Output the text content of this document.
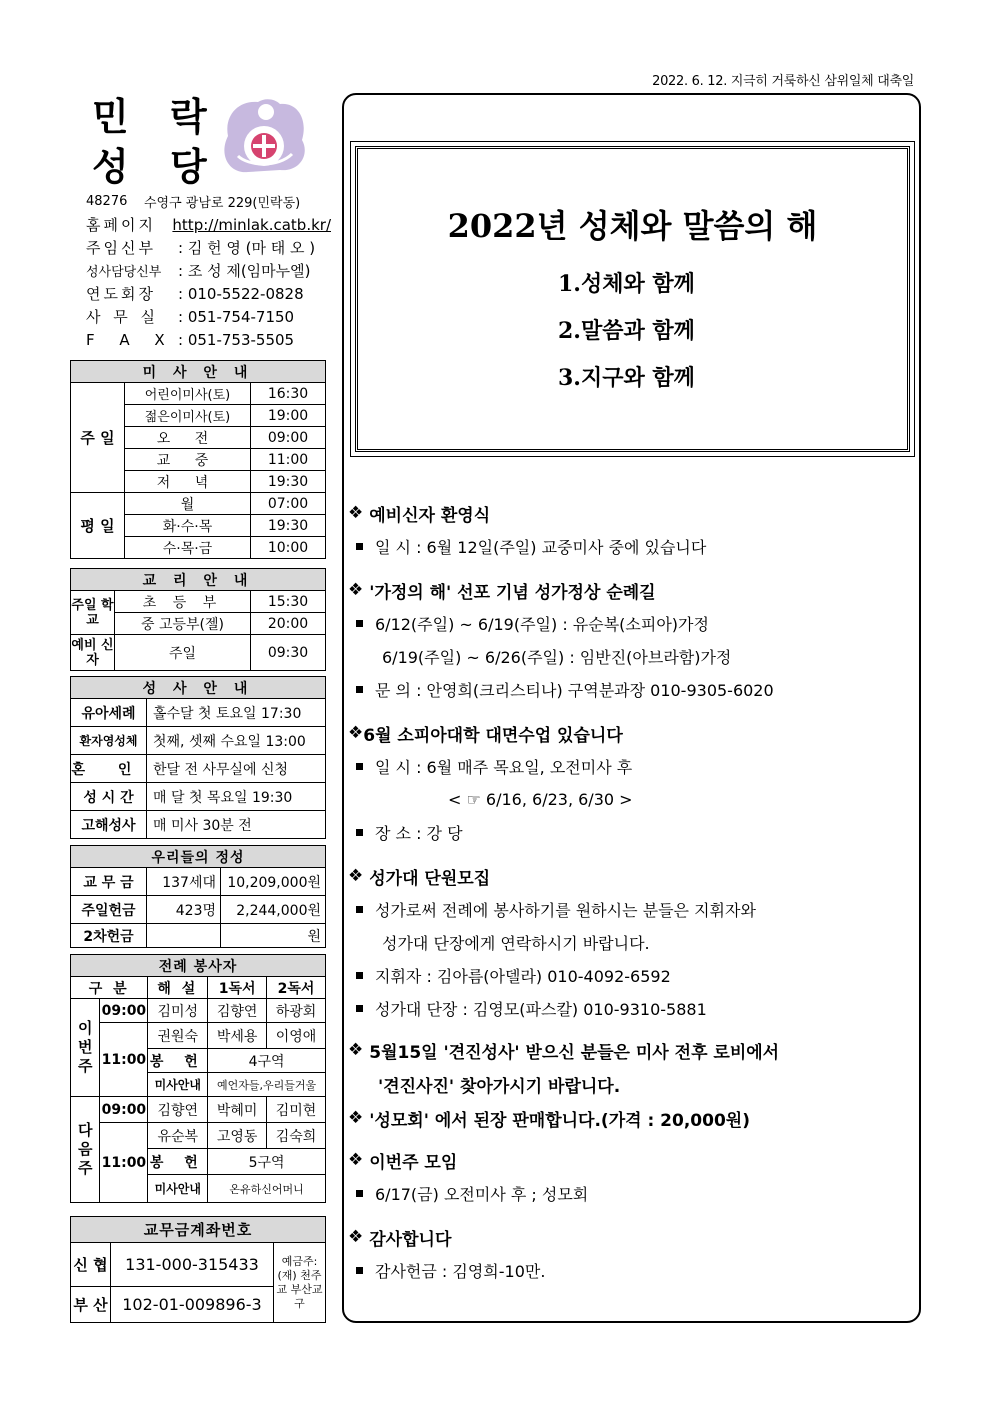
2022. 6. 12. 지극히 거룩하신 삼위일체 대축일
민 락
성 당
48276	수영구 광남로 229(민락동)
홈페이지	http://minlak.catb.kr/
주임신부	: 김 헌 영 (마 태 오 )
성사담당신부	: 조 성 제(임마누엘)
연도회장	: 010-5522-0828
사 무 실	: 051-754-7150
F A X : 051-753-5505
미 사 안 내		
주 일	어린이미사(토)	16:30
	젊은이미사(토)	19:00
	오 전	09:00
	교 중	11:00
	저 녁	19:30
평 일	월	07:00
	화·수·목	19:30
	수·목·금	10:00
교 리 안 내		
주일 학교	초 등 부	15:30
	중 고등부(젤)	20:00
예비 신자	주일	09:30
성 사 안 내	
유아세례	홀수달 첫 토요일 17:30
환자영성체	첫째, 셋째 수요일 13:00
혼 인	한달 전 사무실에 신청
성 시 간	매 달 첫 목요일 19:30
고해성사	매 미사 30분 전
우리들의 정성		
교 무 금	137세대	10,209,000원
주일헌금	423명	2,244,000원
2차헌금		원
전례 봉사자				
구 분		해 설	1독서	2독서
이번주	09:00	김미성	김향연	하광회
	11:00	권원숙	박세용	이영애
		봉 헌	4구역	
		미사안내	예언자들,우리들거울	
다음주	09:00	김향연	박혜미	김미현
	11:00	유순복	고영동	김숙희
		봉 헌	5구역	
		미사안내	온유하신어머니	
교무금계좌번호		
신 협	131-000-315433	예금주: (재) 천주교 부산교구
부 산	102-01-009896-3	
2022년 성체와 말씀의 해
1.성체와 함께
2.말씀과 함께
3.지구와 함께
❖ 예비신자 환영식
일 시 : 6월 12일(주일) 교중미사 중에 있습니다
❖ '가정의 해' 선포 기념 성가정상 순례길
6/12(주일) ~ 6/19(주일) : 유순복(소피아)가정
6/19(주일) ~ 6/26(주일) : 임반진(아브라함)가정
문 의 : 안영희(크리스티나) 구역분과장 010-9305-6020
❖ 6월 소피아대학 대면수업 있습니다
일 시 : 6월 매주 목요일, 오전미사 후
< ☞ 6/16, 6/23, 6/30 >
장 소 : 강 당
❖ 성가대 단원모집
성가로써 전례에 봉사하기를 원하시는 분들은 지휘자와
성가대 단장에게 연락하시기 바랍니다.
지휘자 : 김아름(아델라) 010-4092-6592
성가대 단장 : 김영모(파스칼) 010-9310-5881
❖ 5월15일 '견진성사' 받으신 분들은 미사 전후 로비에서
'견진사진' 찾아가시기 바랍니다.
❖ '성모회' 에서 된장 판매합니다.(가격 : 20,000원)
❖ 이번주 모임
6/17(금) 오전미사 후 ; 성모회
❖ 감사합니다
감사헌금 : 김영희-10만.
